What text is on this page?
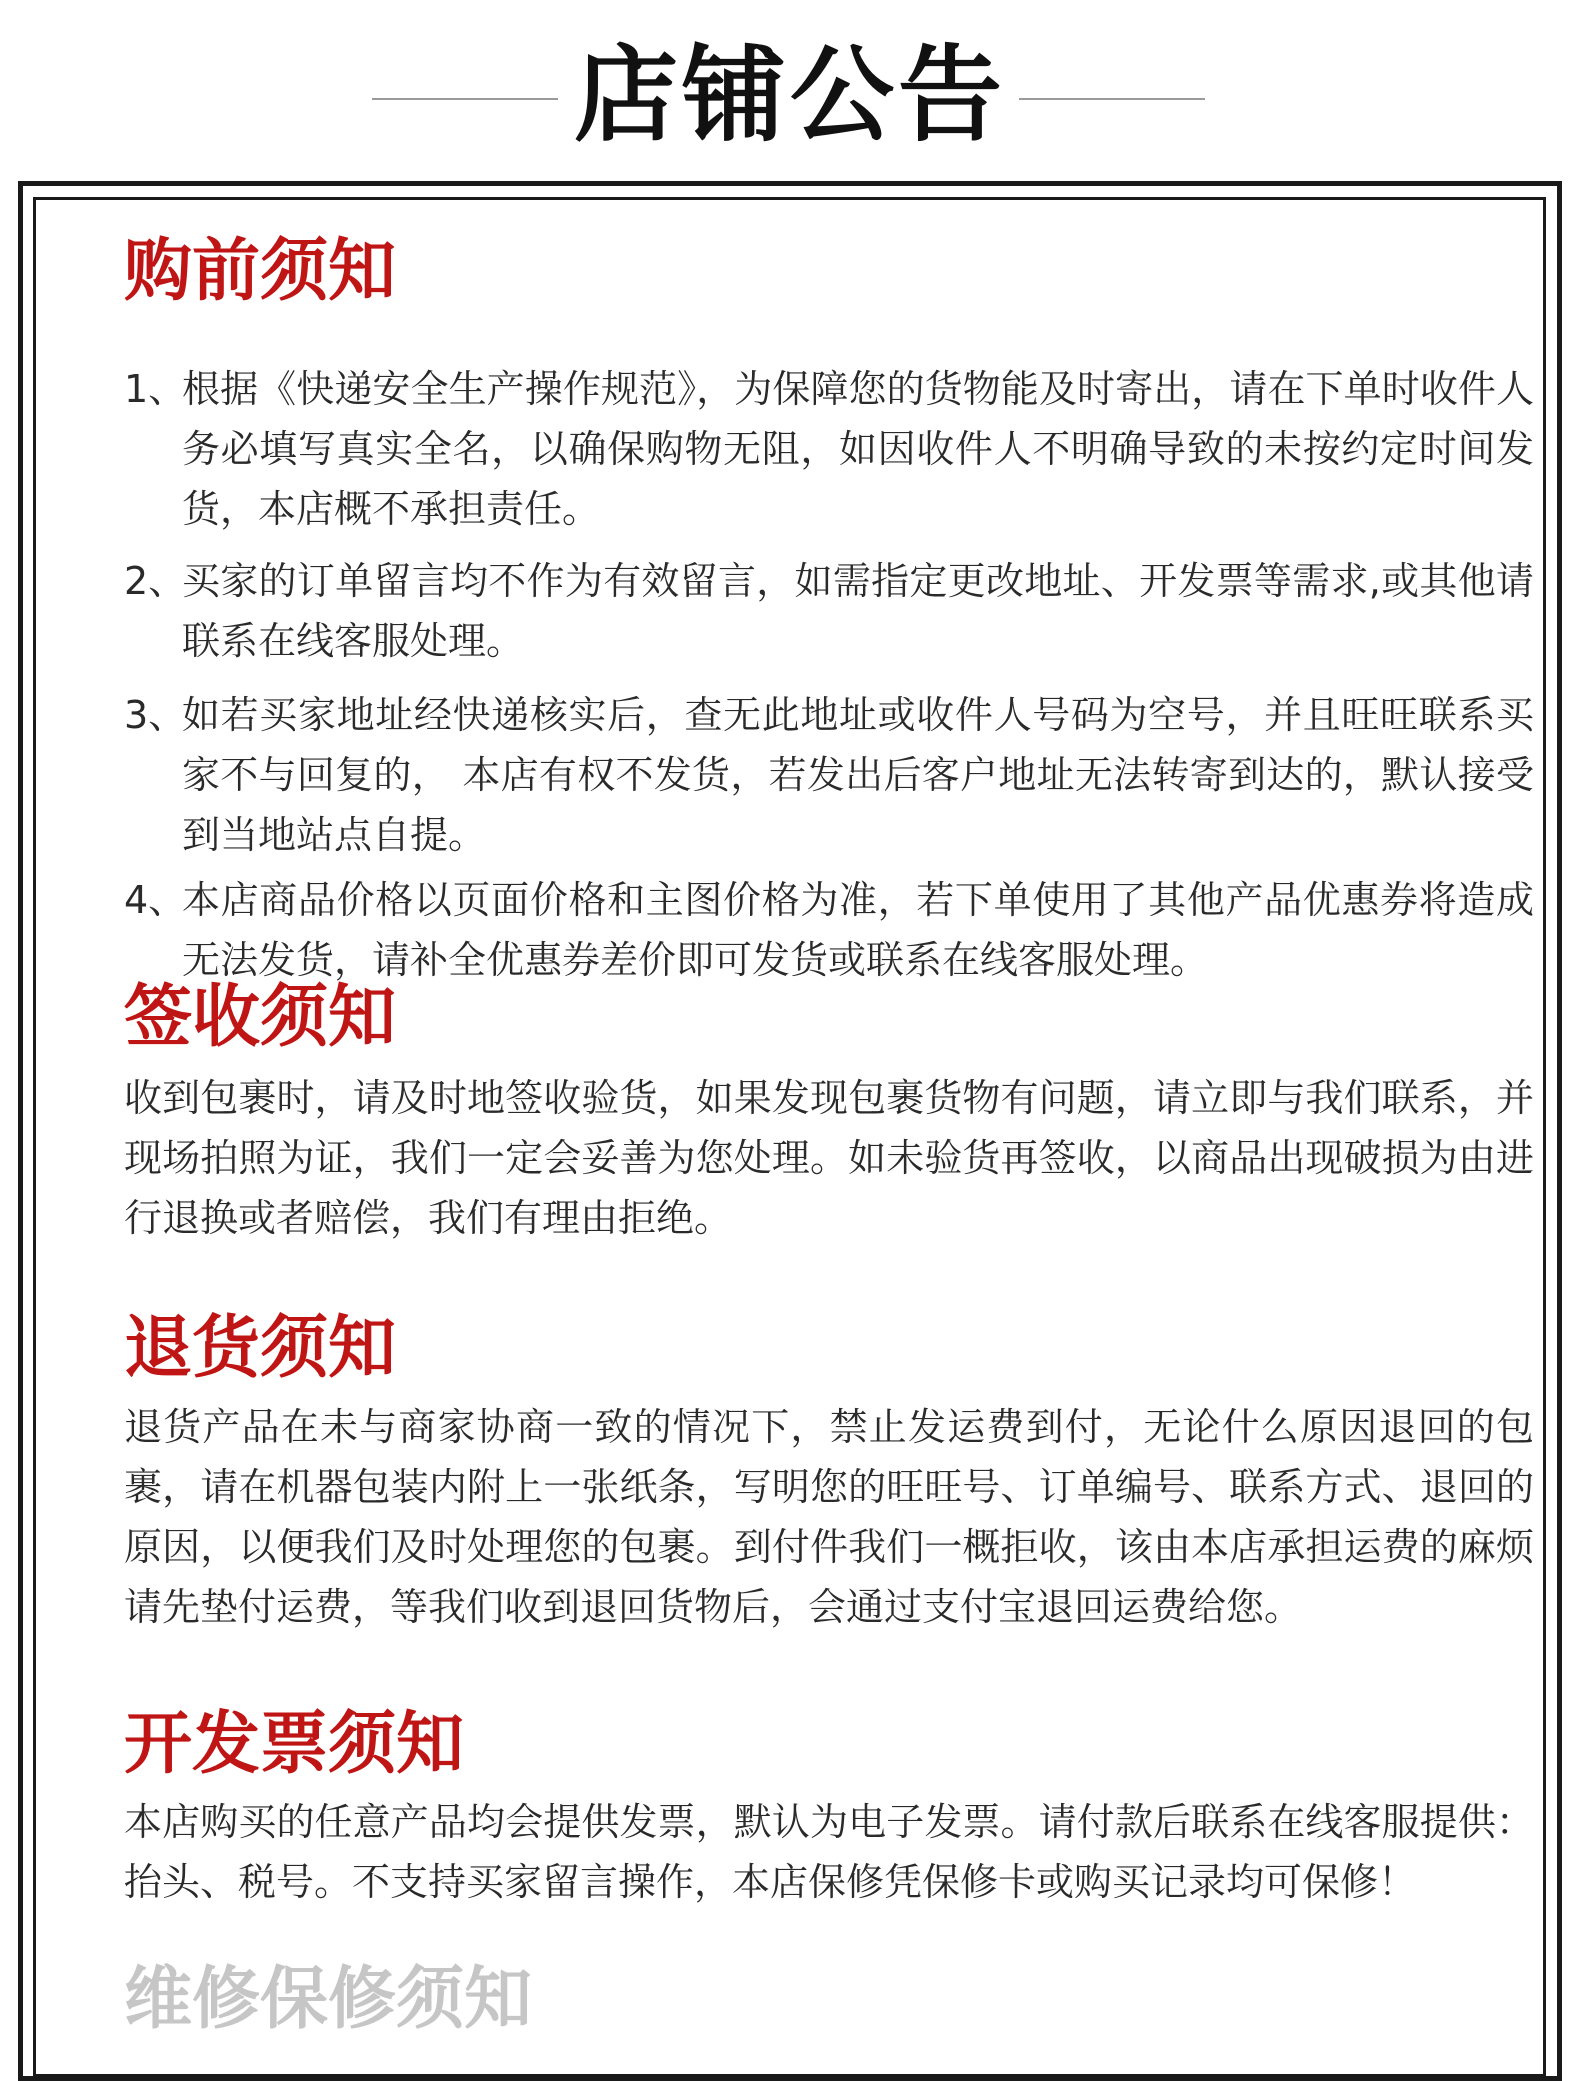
店铺公告
购前须知
1、
根据《快递安全生产操作规范》，为保障您的货物能及时寄出，请在下单时收件人务必填写真实全名，以确保购物无阻，如因收件人不明确导致的未按约定时间发货，本店概不承担责任。
2、
买家的订单留言均不作为有效留言，如需指定更改地址、开发票等需求,或其他请联系在线客服处理。
3、
如若买家地址经快递核实后，查无此地址或收件人号码为空号，并且旺旺联系买家不与回复的， 本店有权不发货，若发出后客户地址无法转寄到达的，默认接受到当地站点自提。
4、
本店商品价格以页面价格和主图价格为准，若下单使用了其他产品优惠券将造成无法发货，请补全优惠券差价即可发货或联系在线客服处理。
签收须知
收到包裹时，请及时地签收验货，如果发现包裹货物有问题，请立即与我们联系，并现场拍照为证，我们一定会妥善为您处理。如未验货再签收，以商品出现破损为由进行退换或者赔偿，我们有理由拒绝。
退货须知
退货产品在未与商家协商一致的情况下，禁止发运费到付，无论什么原因退回的包裹，请在机器包装内附上一张纸条，写明您的旺旺号、订单编号、联系方式、退回的原因，以便我们及时处理您的包裹。到付件我们一概拒收，该由本店承担运费的麻烦请先垫付运费，等我们收到退回货物后，会通过支付宝退回运费给您。
开发票须知
本店购买的任意产品均会提供发票，默认为电子发票。请付款后联系在线客服提供：抬头、税号。不支持买家留言操作，本店保修凭保修卡或购买记录均可保修！
维修保修须知
